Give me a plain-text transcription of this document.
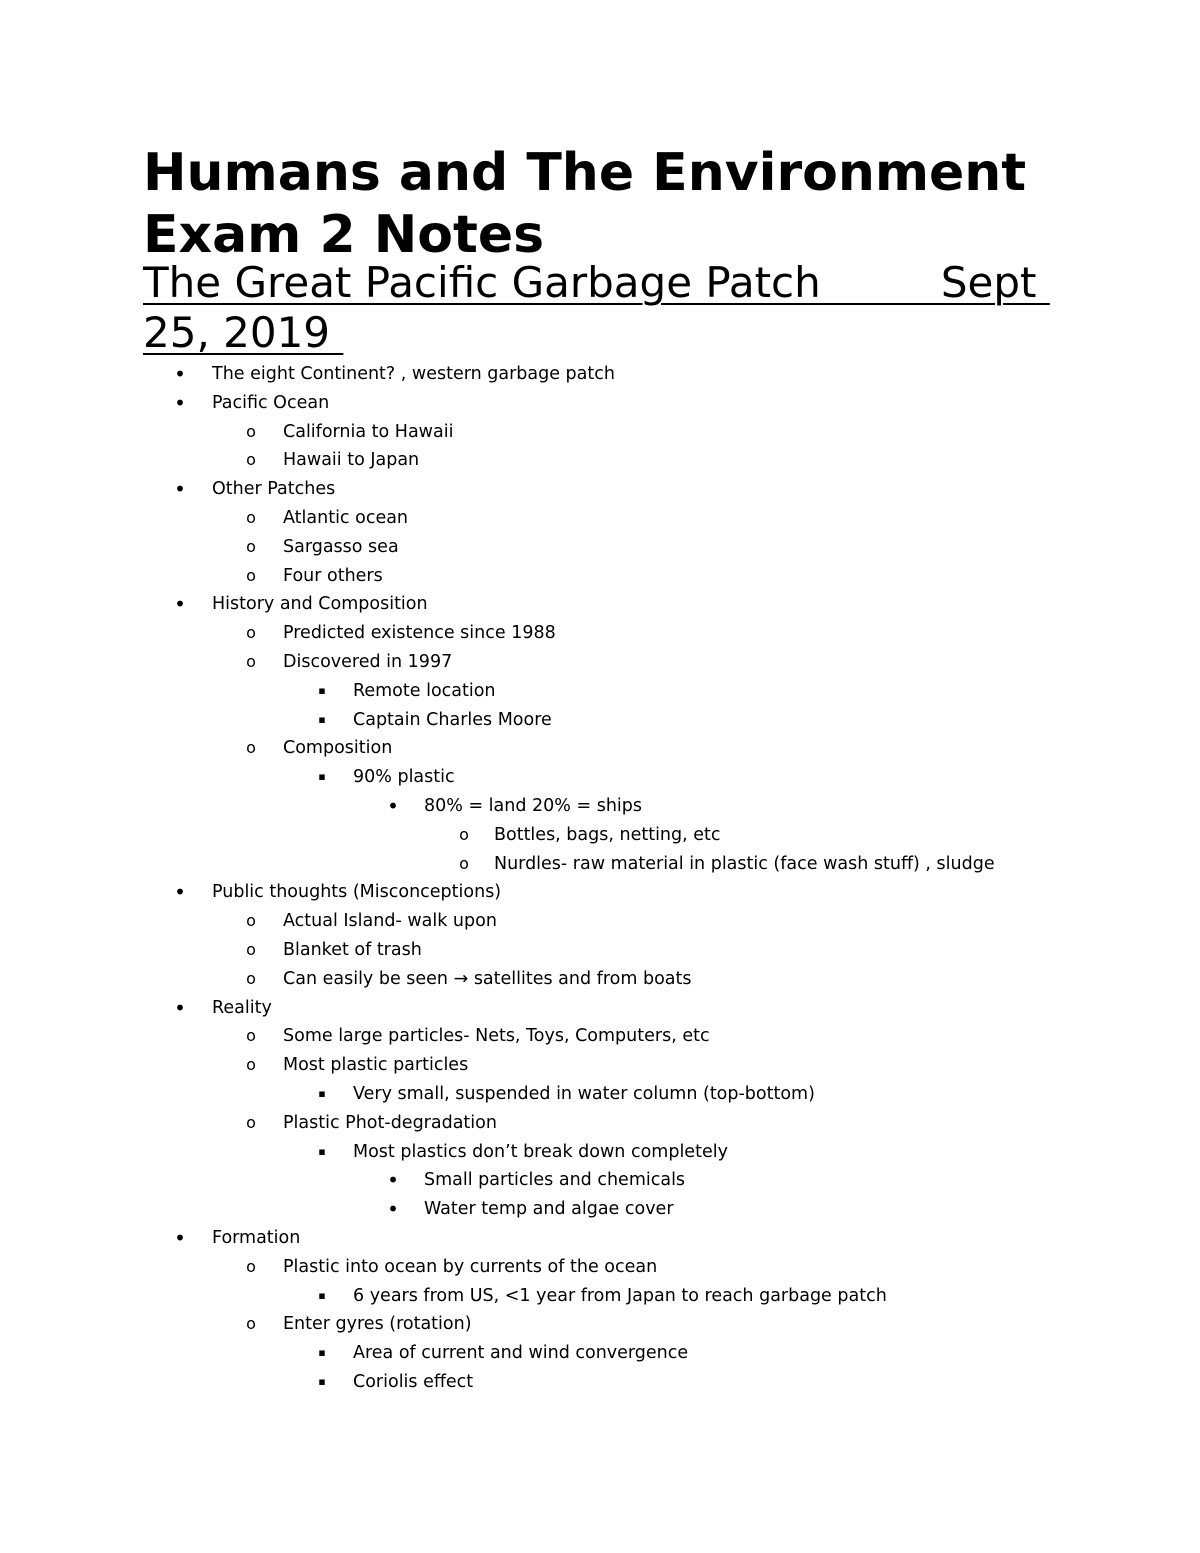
Humans and The Environment
Exam 2 Notes
The Great Pacific Garbage Patch         Sept
25, 2019
• The eight Continent? , western garbage patch
• Pacific Ocean
o California to Hawaii
o Hawaii to Japan
• Other Patches
o Atlantic ocean
o Sargasso sea
o Four others
• History and Composition
o Predicted existence since 1988
o Discovered in 1997
▪	Remote location
▪	Captain Charles Moore
o Composition
▪	90% plastic
• 80% = land 20% = ships
o Bottles, bags, netting, etc
o Nurdles- raw material in plastic (face wash stuff) , sludge
• Public thoughts (Misconceptions)
o Actual Island- walk upon
o Blanket of trash
o Can easily be seen → satellites and from boats
• Reality
o Some large particles- Nets, Toys, Computers, etc
o Most plastic particles
▪	Very small, suspended in water column (top-bottom)
o Plastic Phot-degradation
▪	Most plastics don’t break down completely
• Small particles and chemicals
• Water temp and algae cover
• Formation
o Plastic into ocean by currents of the ocean
▪	6 years from US, <1 year from Japan to reach garbage patch
o Enter gyres (rotation)
▪	Area of current and wind convergence
▪	Coriolis effect
